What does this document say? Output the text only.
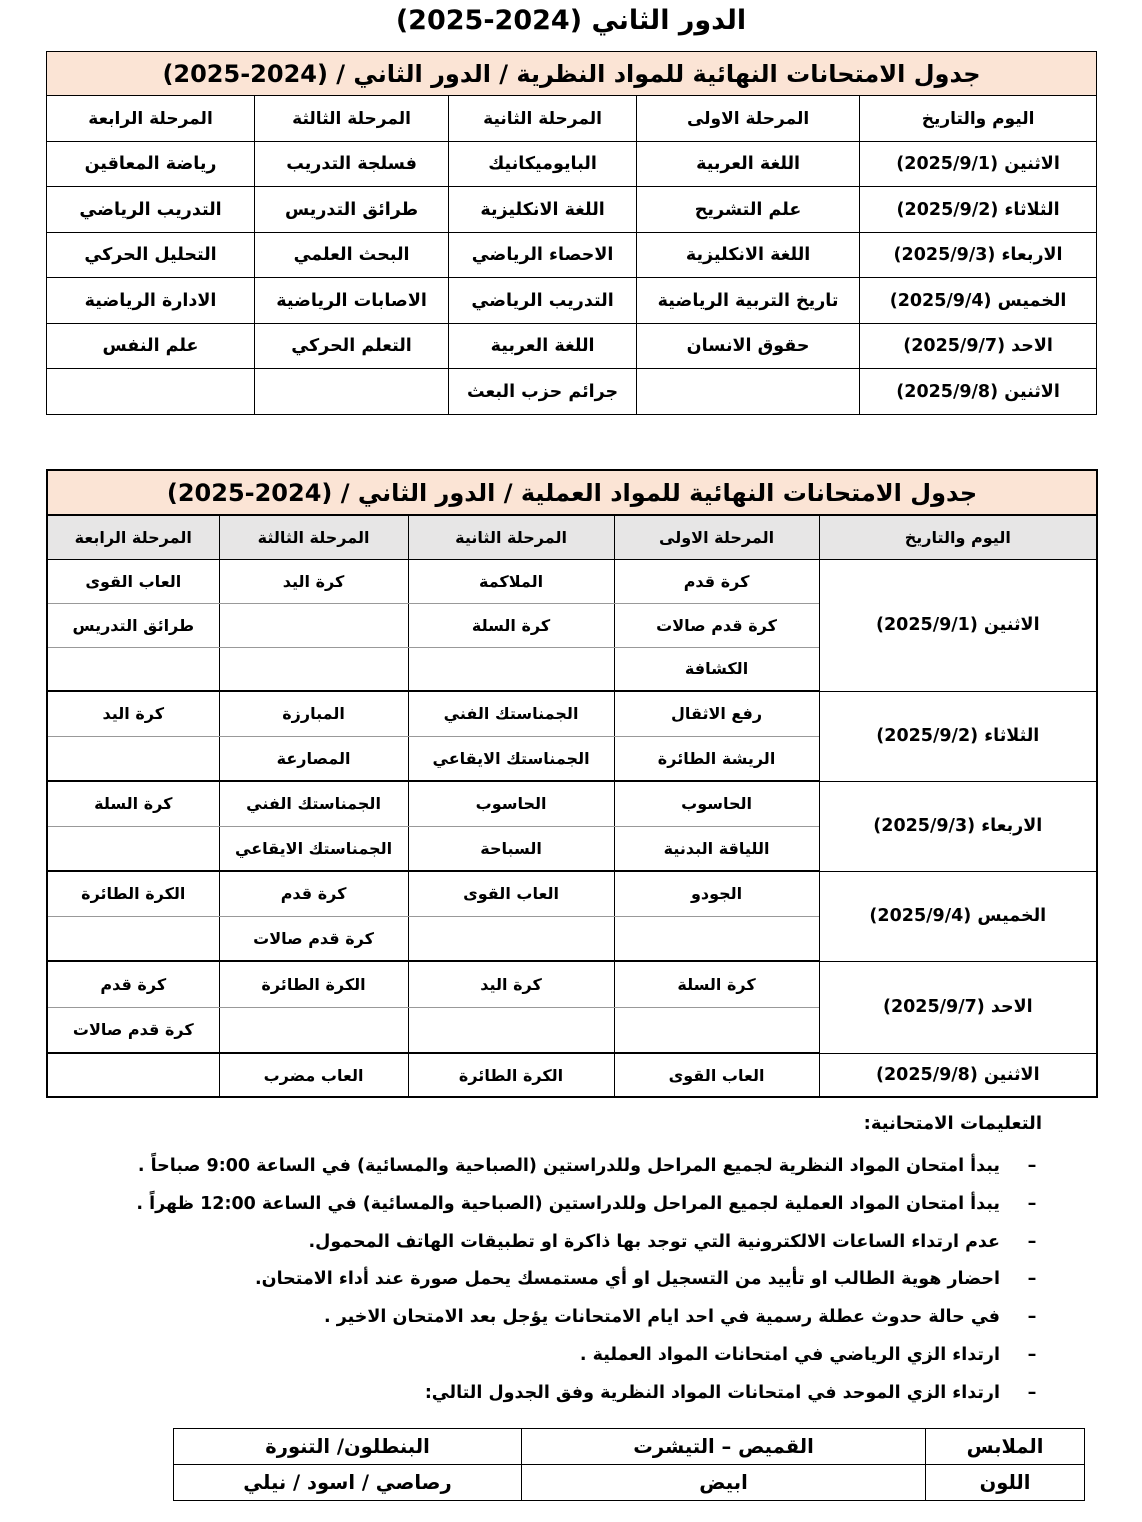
الدور الثاني (2024-2025)
جدول الامتحانات النهائية للمواد النظرية / الدور الثاني / (2024-2025)				
اليوم والتاريخ	المرحلة الاولى	المرحلة الثانية	المرحلة الثالثة	المرحلة الرابعة
الاثنين (2025/9/1)	اللغة العربية	البايوميكانيك	فسلجة التدريب	رياضة المعاقين
الثلاثاء (2025/9/2)	علم التشريح	اللغة الانكليزية	طرائق التدريس	التدريب الرياضي
الاربعاء (2025/9/3)	اللغة الانكليزية	الاحصاء الرياضي	البحث العلمي	التحليل الحركي
الخميس (2025/9/4)	تاريخ التربية الرياضية	التدريب الرياضي	الاصابات الرياضية	الادارة الرياضية
الاحد (2025/9/7)	حقوق الانسان	اللغة العربية	التعلم الحركي	علم النفس
الاثنين (2025/9/8)		جرائم حزب البعث		
جدول الامتحانات النهائية للمواد العملية / الدور الثاني / (2024-2025)				
اليوم والتاريخ	المرحلة الاولى	المرحلة الثانية	المرحلة الثالثة	المرحلة الرابعة
الاثنين (2025/9/1)	كرة قدم	الملاكمة	كرة اليد	العاب القوى
	كرة قدم صالات	كرة السلة		طرائق التدريس
	الكشافة			
الثلاثاء (2025/9/2)	رفع الاثقال	الجمناستك الفني	المبارزة	كرة اليد
	الريشة الطائرة	الجمناستك الايقاعي	المصارعة	
الاربعاء (2025/9/3)	الحاسوب	الحاسوب	الجمناستك الفني	كرة السلة
	اللياقة البدنية	السباحة	الجمناستك الايقاعي	
الخميس (2025/9/4)	الجودو	العاب القوى	كرة قدم	الكرة الطائرة
			كرة قدم صالات	
الاحد (2025/9/7)	كرة السلة	كرة اليد	الكرة الطائرة	كرة قدم
				كرة قدم صالات
الاثنين (2025/9/8)	العاب القوى	الكرة الطائرة	العاب مضرب	
التعليمات الامتحانية:
–
يبدأ امتحان المواد النظرية لجميع المراحل وللدراستين (الصباحية والمسائية) في الساعة 9:00 صباحاً .
–
يبدأ امتحان المواد العملية لجميع المراحل وللدراستين (الصباحية والمسائية) في الساعة 12:00 ظهراً .
–
عدم ارتداء الساعات الالكترونية التي توجد بها ذاكرة او تطبيقات الهاتف المحمول.
–
احضار هوية الطالب او تأييد من التسجيل او أي مستمسك يحمل صورة عند أداء الامتحان.
–
في حالة حدوث عطلة رسمية في احد ايام الامتحانات يؤجل بعد الامتحان الاخير .
–
ارتداء الزي الرياضي في امتحانات المواد العملية .
–
ارتداء الزي الموحد في امتحانات المواد النظرية وفق الجدول التالي:
الملابس	القميص – التيشرت	البنطلون/ التنورة
اللون	ابيض	رصاصي / اسود / نيلي
